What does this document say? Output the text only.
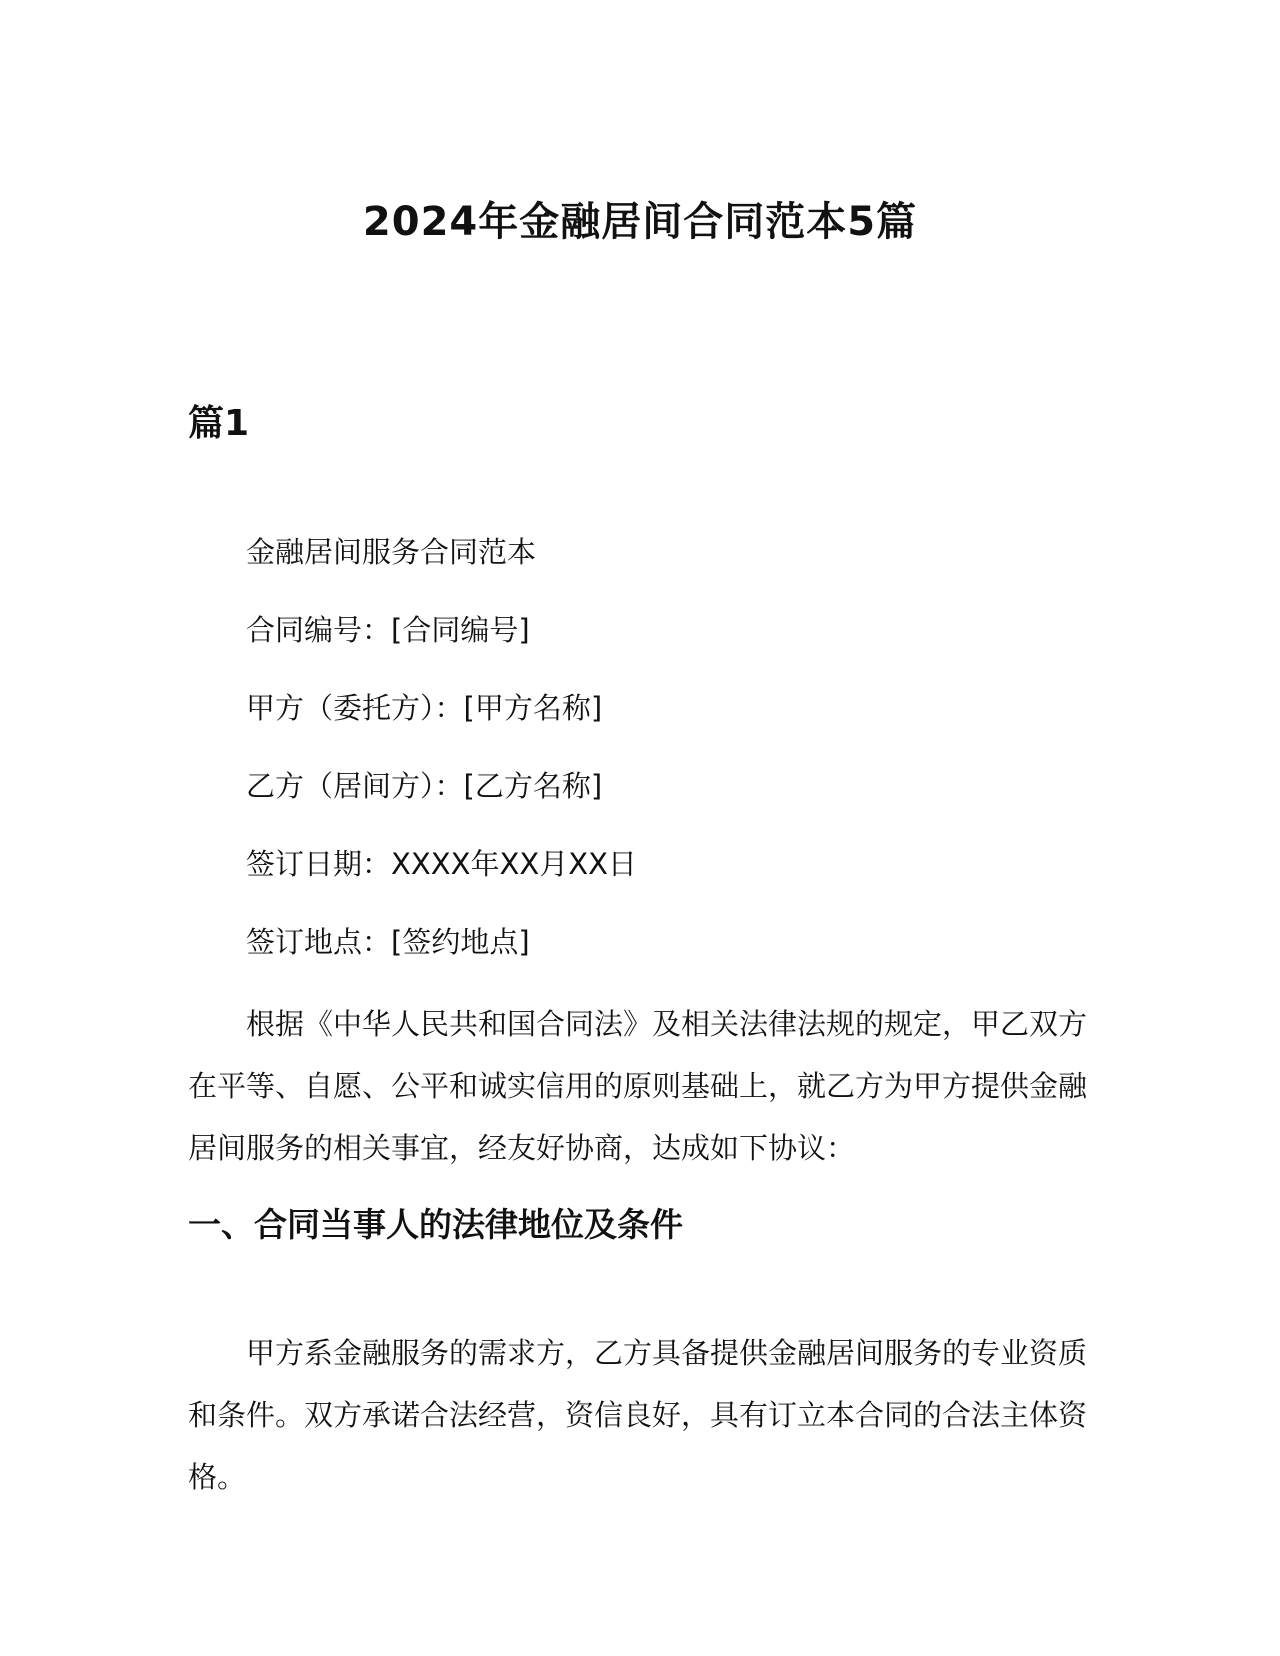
2024年金融居间合同范本5篇
篇1
金融居间服务合同范本
合同编号：[合同编号]
甲方（委托方）：[甲方名称]
乙方（居间方）：[乙方名称]
签订日期：XXXX年XX月XX日
签订地点：[签约地点]
根据《中华人民共和国合同法》及相关法律法规的规定，甲乙双方在平等、自愿、公平和诚实信用的原则基础上，就乙方为甲方提供金融居间服务的相关事宜，经友好协商，达成如下协议：
一、合同当事人的法律地位及条件
甲方系金融服务的需求方，乙方具备提供金融居间服务的专业资质和条件。双方承诺合法经营，资信良好，具有订立本合同的合法主体资格。
